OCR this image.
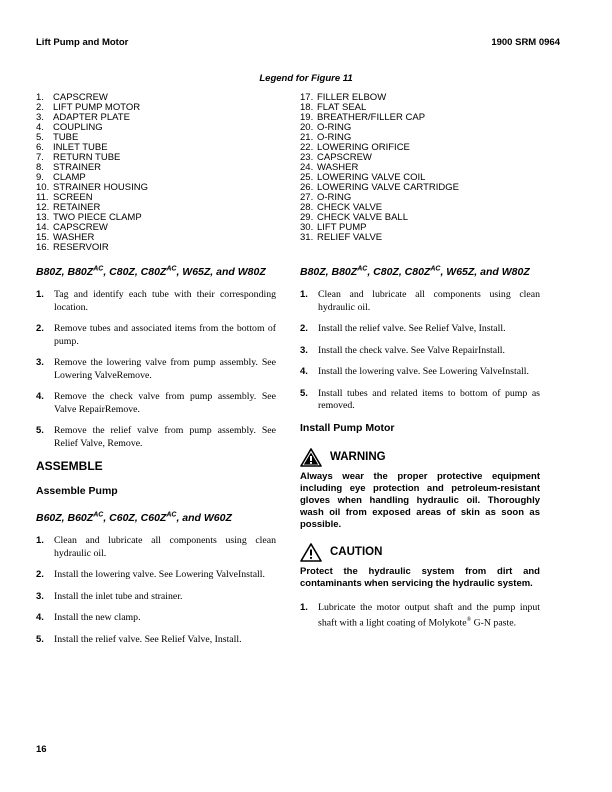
Lift Pump and Motor	1900 SRM 0964
Legend for Figure 11
1. CAPSCREW
2. LIFT PUMP MOTOR
3. ADAPTER PLATE
4. COUPLING
5. TUBE
6. INLET TUBE
7. RETURN TUBE
8. STRAINER
9. CLAMP
10. STRAINER HOUSING
11. SCREEN
12. RETAINER
13. TWO PIECE CLAMP
14. CAPSCREW
15. WASHER
16. RESERVOIR
17. FILLER ELBOW
18. FLAT SEAL
19. BREATHER/FILLER CAP
20. O-RING
21. O-RING
22. LOWERING ORIFICE
23. CAPSCREW
24. WASHER
25. LOWERING VALVE COIL
26. LOWERING VALVE CARTRIDGE
27. O-RING
28. CHECK VALVE
29. CHECK VALVE BALL
30. LIFT PUMP
31. RELIEF VALVE
B80Z, $B80Z^{AC}$, C80Z, $C80Z^{AC}$, W65Z, and W80Z
1.	Tag and identify each tube with their corresponding location.
2.	Remove tubes and associated items from the bottom of pump.
3.	Remove the lowering valve from pump assembly. See Lowering ValveRemove.
4.	Remove the check valve from pump assembly. See Valve RepairRemove.
5.	Remove the relief valve from pump assembly. See Relief Valve, Remove.
ASSEMBLE
Assemble Pump
B60Z, $B60Z^{AC}$, C60Z, $C60Z^{AC}$, and W60Z
1.	Clean and lubricate all components using clean hydraulic oil.
2.	Install the lowering valve. See Lowering ValveInstall.
3.	Install the inlet tube and strainer.
4.	Install the new clamp.
5.	Install the relief valve. See Relief Valve, Install.
B80Z, $B80Z^{AC}$, C80Z, $C80Z^{AC}$, W65Z, and W80Z
1.	Clean and lubricate all components using clean hydraulic oil.
2.	Install the relief valve. See Relief Valve, Install.
3.	Install the check valve. See Valve RepairInstall.
4.	Install the lowering valve. See Lowering ValveInstall.
5.	Install tubes and related items to bottom of pump as removed.
Install Pump Motor
WARNING
Always wear the proper protective equipment including eye protection and petroleum-resistant gloves when handling hydraulic oil. Thoroughly wash oil from exposed areas of skin as soon as possible.
CAUTION
Protect the hydraulic system from dirt and contaminants when servicing the hydraulic system.
1.	Lubricate the motor output shaft and the pump input shaft with a light coating of Molykote® G-N paste.
16
